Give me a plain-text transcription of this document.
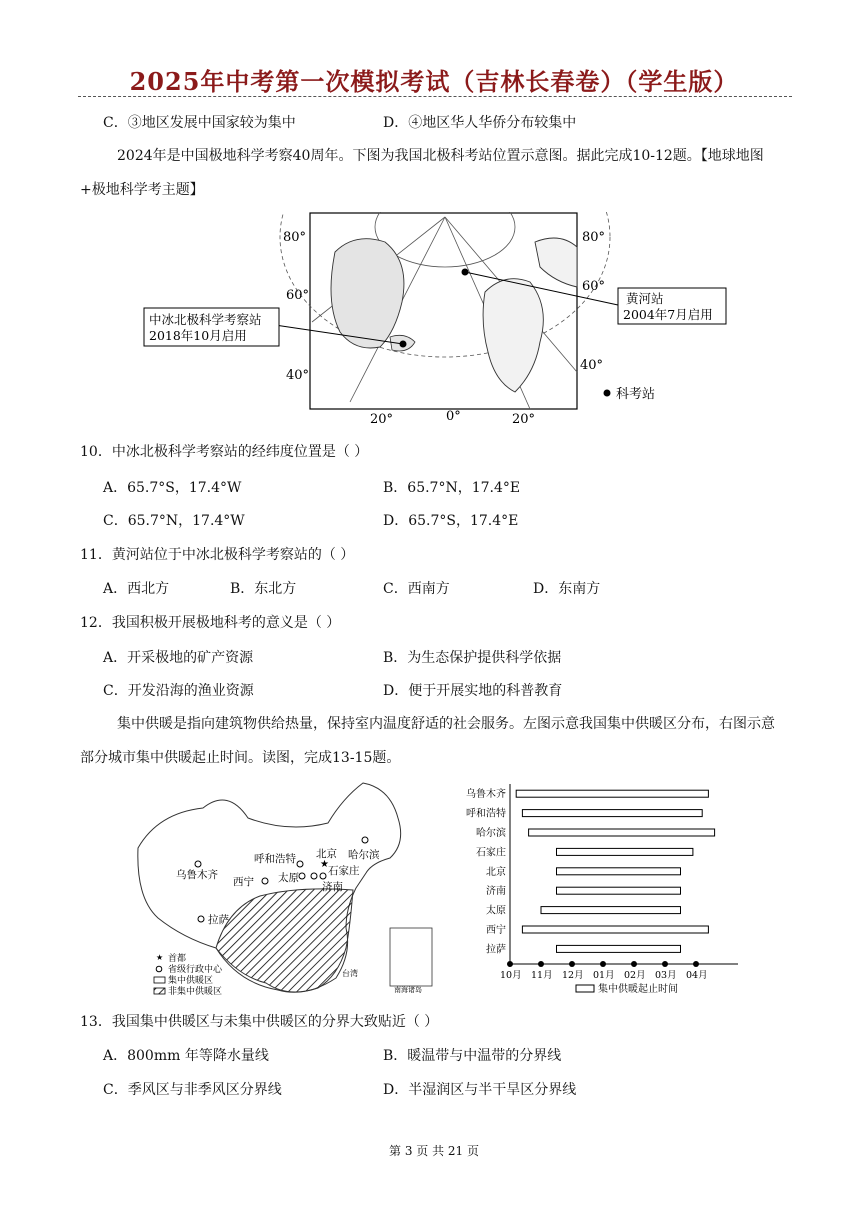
2025年中考第一次模拟考试（吉林长春卷）（学生版）
C．③地区发展中国家较为集中	D．④地区华人华侨分布较集中
2024年是中国极地科学考察40周年。下图为我国北极科考站位置示意图。据此完成10-12题。【地球地图+极地科学考主题】
80°
60°
40°
80°
60°
40°
20°	0°	20°
中冰北极科学考察站
2018年10月启用
黄河站
2004年7月启用
科考站
10．中冰北极科学考察站的经纬度位置是（ ）
A．65.7°S，17.4°W	B．65.7°N，17.4°E
C．65.7°N，17.4°W	D．65.7°S，17.4°E
11．黄河站位于中冰北极科学考察站的（ ）
A．西北方	B．东北方	C．西南方	D．东南方
12．我国积极开展极地科考的意义是（ ）
A．开采极地的矿产资源	B．为生态保护提供科学依据
C．开发沿海的渔业资源	D．便于开展实地的科普教育
集中供暖是指向建筑物供给热量，保持室内温度舒适的社会服务。左图示意我国集中供暖区分布，右图示意部分城市集中供暖起止时间。读图，完成13-15题。
南海诸岛
台湾
乌鲁木齐
哈尔滨
呼和浩特 ★
北京
石家庄
太原
济南
西宁
拉萨
★ 首都
省级行政中心
集中供暖区
非集中供暖区
10月 11月 12月 01月 02月 03月 04月
乌鲁木齐
呼和浩特
哈尔滨
石家庄
北京
济南
太原
西宁
拉萨
集中供暖起止时间
13．我国集中供暖区与未集中供暖区的分界大致贴近（ ）
A．800mm 年等降水量线	B．暖温带与中温带的分界线
C．季风区与非季风区分界线	D．半湿润区与半干旱区分界线
第 3 页 共 21 页
